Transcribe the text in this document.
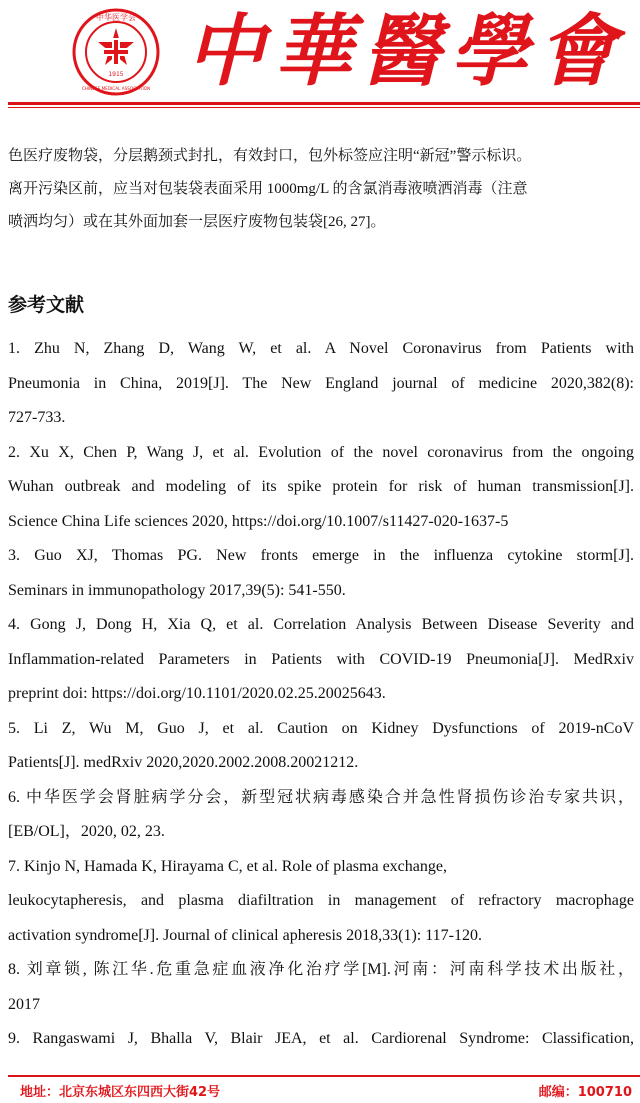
中华医学会
1915
CHINESE MEDICAL ASSOCIATION 中華醫學會

色医疗废物袋，分层鹅颈式封扎，有效封口，包外标签应注明“新冠”警示标识。
离开污染区前，应当对包装袋表面采用 1000mg/L 的含氯消毒液喷洒消毒（注意
喷洒均匀）或在其外面加套一层医疗废物包装袋[26, 27]。

参考文献
1. Zhu N, Zhang D, Wang W, et al. A Novel Coronavirus from Patients with
Pneumonia in China, 2019[J]. The New England journal of medicine 2020,382(8):
727-733.
2. Xu X, Chen P, Wang J, et al. Evolution of the novel coronavirus from the ongoing
Wuhan outbreak and modeling of its spike protein for risk of human transmission[J].
Science China Life sciences 2020, https://doi.org/10.1007/s11427-020-1637-5
3. Guo XJ, Thomas PG. New fronts emerge in the influenza cytokine storm[J].
Seminars in immunopathology 2017,39(5): 541-550.
4. Gong J, Dong H, Xia Q, et al. Correlation Analysis Between Disease Severity and
Inflammation-related Parameters in Patients with COVID-19 Pneumonia[J]. MedRxiv
preprint doi: https://doi.org/10.1101/2020.02.25.20025643.
5. Li Z, Wu M, Guo J, et al. Caution on Kidney Dysfunctions of 2019-nCoV
Patients[J]. medRxiv 2020,2020.2002.2008.20021212.
6. 中华医学会肾脏病学分会，新型冠状病毒感染合并急性肾损伤诊治专家共识，
[EB/OL]，2020, 02, 23.
7. Kinjo N, Hamada K, Hirayama C, et al. Role of plasma exchange,
leukocytapheresis, and plasma diafiltration in management of refractory macrophage
activation syndrome[J]. Journal of clinical apheresis 2018,33(1): 117-120.
8. 刘章锁, 陈江华.危重急症血液净化治疗学[M].河南：河南科学技术出版社，
2017
9. Rangaswami J, Bhalla V, Blair JEA, et al. Cardiorenal Syndrome: Classification,
地址：北京东城区东四西大街42号	邮编：100710
